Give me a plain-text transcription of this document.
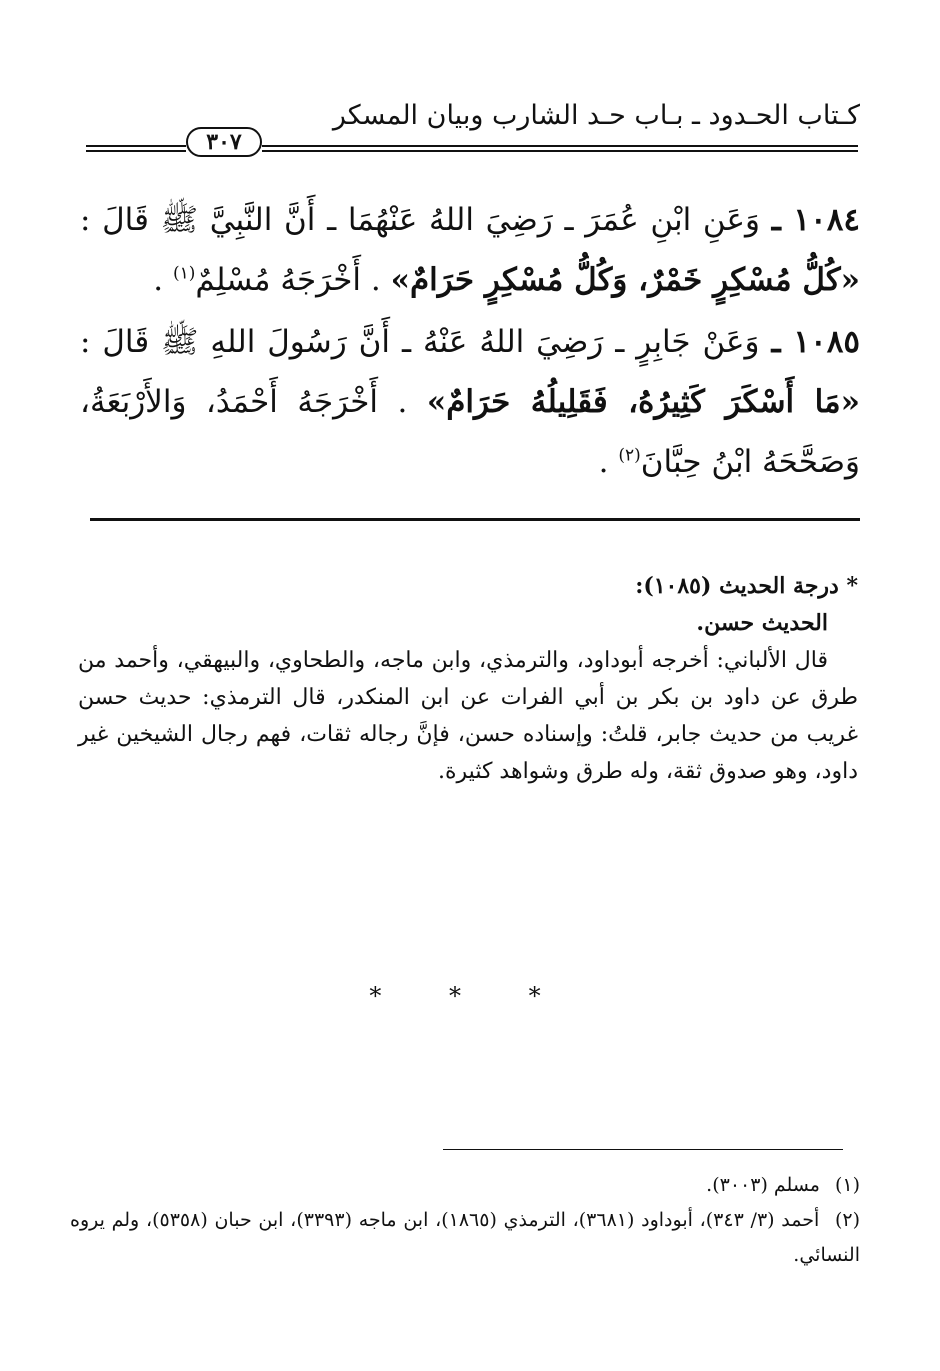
كـتاب الحـدود ـ بـاب حـد الشارب وبيان المسكر
٣٠٧
١٠٨٤ ـ وَعَنِ ابْنِ عُمَرَ ـ رَضِيَ اللهُ عَنْهُمَا ـ أَنَّ النَّبِيَّ ﷺ قَالَ : «كُلُّ مُسْكِرٍ خَمْرٌ، وَكُلُّ مُسْكِرٍ حَرَامٌ» . أَخْرَجَهُ مُسْلِمٌ$^{(١)}$ .
١٠٨٥ ـ وَعَنْ جَابِرٍ ـ رَضِيَ اللهُ عَنْهُ ـ أَنَّ رَسُولَ اللهِ ﷺ قَالَ : «مَا أَسْكَرَ كَثِيرُهُ، فَقَلِيلُهُ حَرَامٌ» . أَخْرَجَهُ أَحْمَدُ، وَالأَرْبَعَةُ، وَصَحَّحَهُ ابْنُ حِبَّانَ$^{(٢)}$ .
* درجة الحديث (١٠٨٥):
الحديث حسن.
قال الألباني: أخرجه أبوداود، والترمذي، وابن ماجه، والطحاوي، والبيهقي، وأحمد من طرق عن داود بن بكر بن أبي الفرات عن ابن المنكدر، قال الترمذي: حديث حسن غريب من حديث جابر، قلتُ: وإسناده حسن، فإنَّ رجاله ثقات، فهم رجال الشيخين غير داود، وهو صدوق ثقة، وله طرق وشواهد كثيرة.
* * *
(١) مسلم (٣٠٠٣).
(٢) أحمد (٣/ ٣٤٣)، أبوداود (٣٦٨١)، الترمذي (١٨٦٥)، ابن ماجه (٣٣٩٣)، ابن حبان (٥٣٥٨)، ولم يروه النسائي.
